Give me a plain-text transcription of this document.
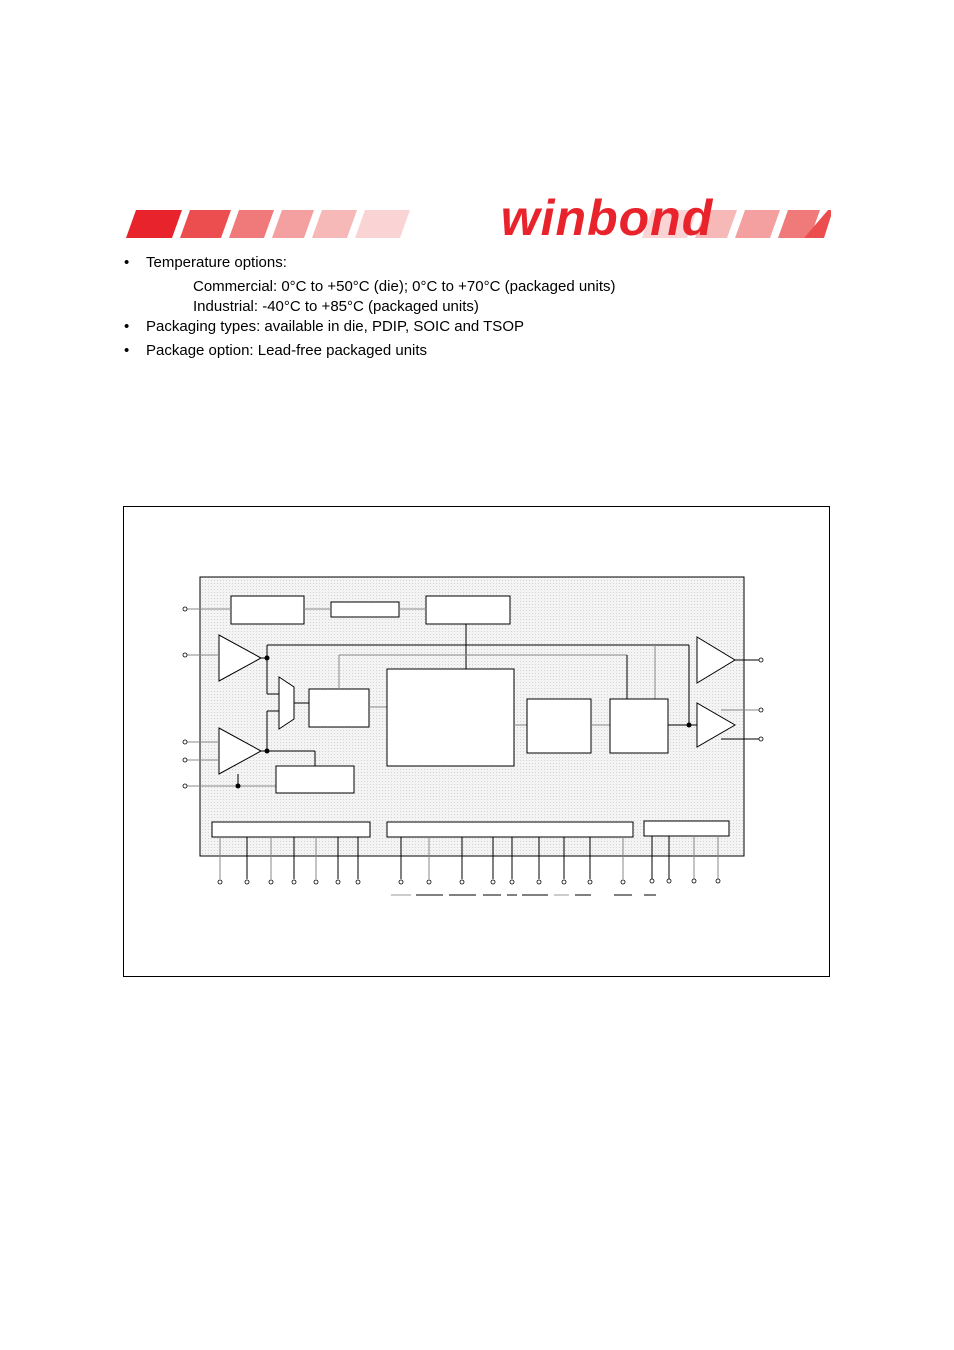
winbond
• Temperature options:
Commercial: 0°C to +50°C (die); 0°C to +70°C (packaged units)
Industrial: -40°C to +85°C (packaged units)
• Packaging types: available in die, PDIP, SOIC and TSOP
• Package option: Lead-free packaged units
